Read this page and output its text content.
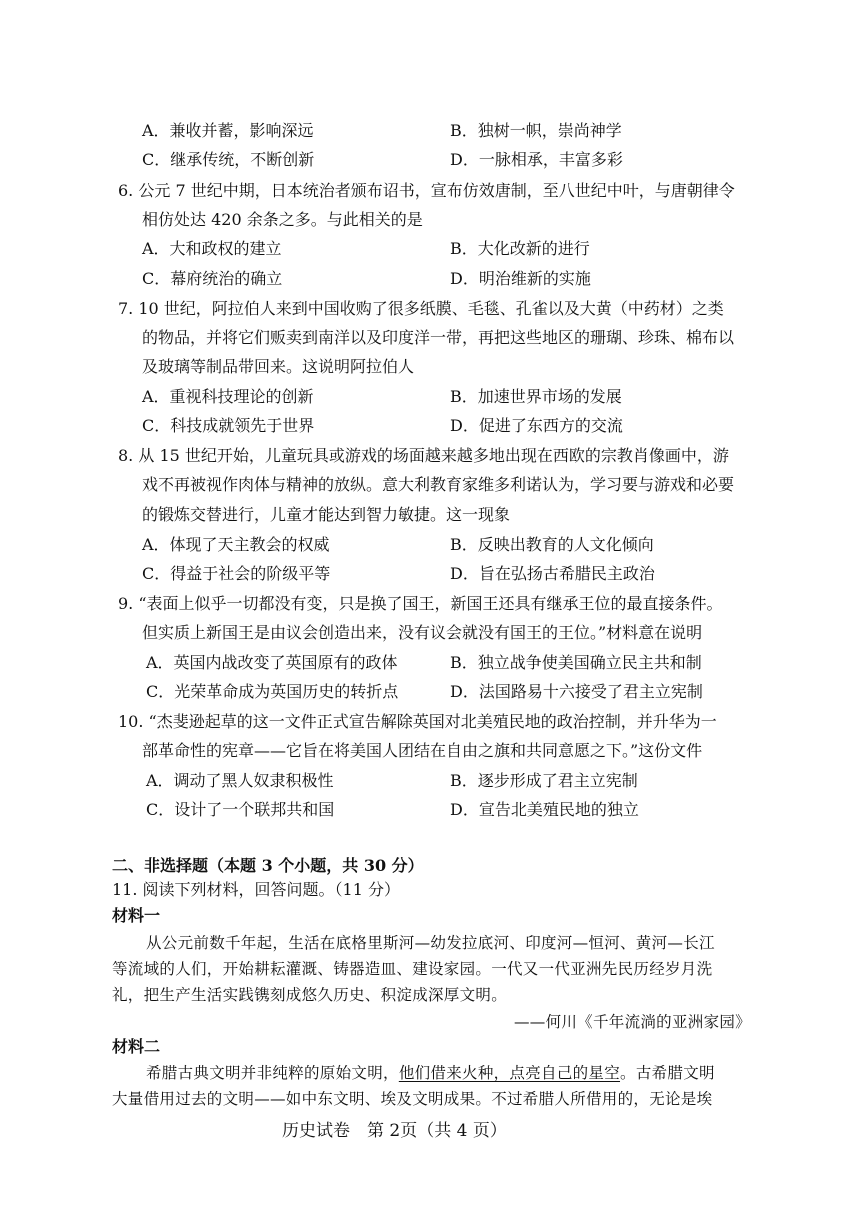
A．兼收并蓄，影响深远	B．独树一帜，崇尚神学
C．继承传统，不断创新	D．一脉相承，丰富多彩
6. 公元 7 世纪中期，日本统治者颁布诏书，宣布仿效唐制，至八世纪中叶，与唐朝律令
相仿处达 420 余条之多。与此相关的是
A．大和政权的建立	B．大化改新的进行
C．幕府统治的确立	D．明治维新的实施
7. 10 世纪，阿拉伯人来到中国收购了很多纸膜、毛毯、孔雀以及大黄（中药材）之类
的物品，并将它们贩卖到南洋以及印度洋一带，再把这些地区的珊瑚、珍珠、棉布以
及玻璃等制品带回来。这说明阿拉伯人
A．重视科技理论的创新	B．加速世界市场的发展
C．科技成就领先于世界	D．促进了东西方的交流
8. 从 15 世纪开始，儿童玩具或游戏的场面越来越多地出现在西欧的宗教肖像画中，游
戏不再被视作肉体与精神的放纵。意大利教育家维多利诺认为，学习要与游戏和必要
的锻炼交替进行，儿童才能达到智力敏捷。这一现象
A．体现了天主教会的权威	B．反映出教育的人文化倾向
C．得益于社会的阶级平等	D．旨在弘扬古希腊民主政治
9. “表面上似乎一切都没有变，只是换了国王，新国王还具有继承王位的最直接条件。
但实质上新国王是由议会创造出来，没有议会就没有国王的王位。”材料意在说明
A．英国内战改变了英国原有的政体	B．独立战争使美国确立民主共和制
C．光荣革命成为英国历史的转折点	D．法国路易十六接受了君主立宪制
10. “杰斐逊起草的这一文件正式宣告解除英国对北美殖民地的政治控制，并升华为一
部革命性的宪章——它旨在将美国人团结在自由之旗和共同意愿之下。”这份文件
A．调动了黑人奴隶积极性	B．逐步形成了君主立宪制
C．设计了一个联邦共和国	D．宣告北美殖民地的独立
二、非选择题（本题 3 个小题，共 30 分）
11. 阅读下列材料，回答问题。（11 分）
材料一
从公元前数千年起，生活在底格里斯河—幼发拉底河、印度河—恒河、黄河—长江
等流域的人们，开始耕耘灌溉、铸器造皿、建设家园。一代又一代亚洲先民历经岁月洗
礼，把生产生活实践镌刻成悠久历史、积淀成深厚文明。
——何川《千年流淌的亚洲家园》
材料二
希腊古典文明并非纯粹的原始文明，他们借来火种，点亮自己的星空。古希腊文明
大量借用过去的文明——如中东文明、埃及文明成果。不过希腊人所借用的，无论是埃
历史试卷　第 2页（共 4 页）
